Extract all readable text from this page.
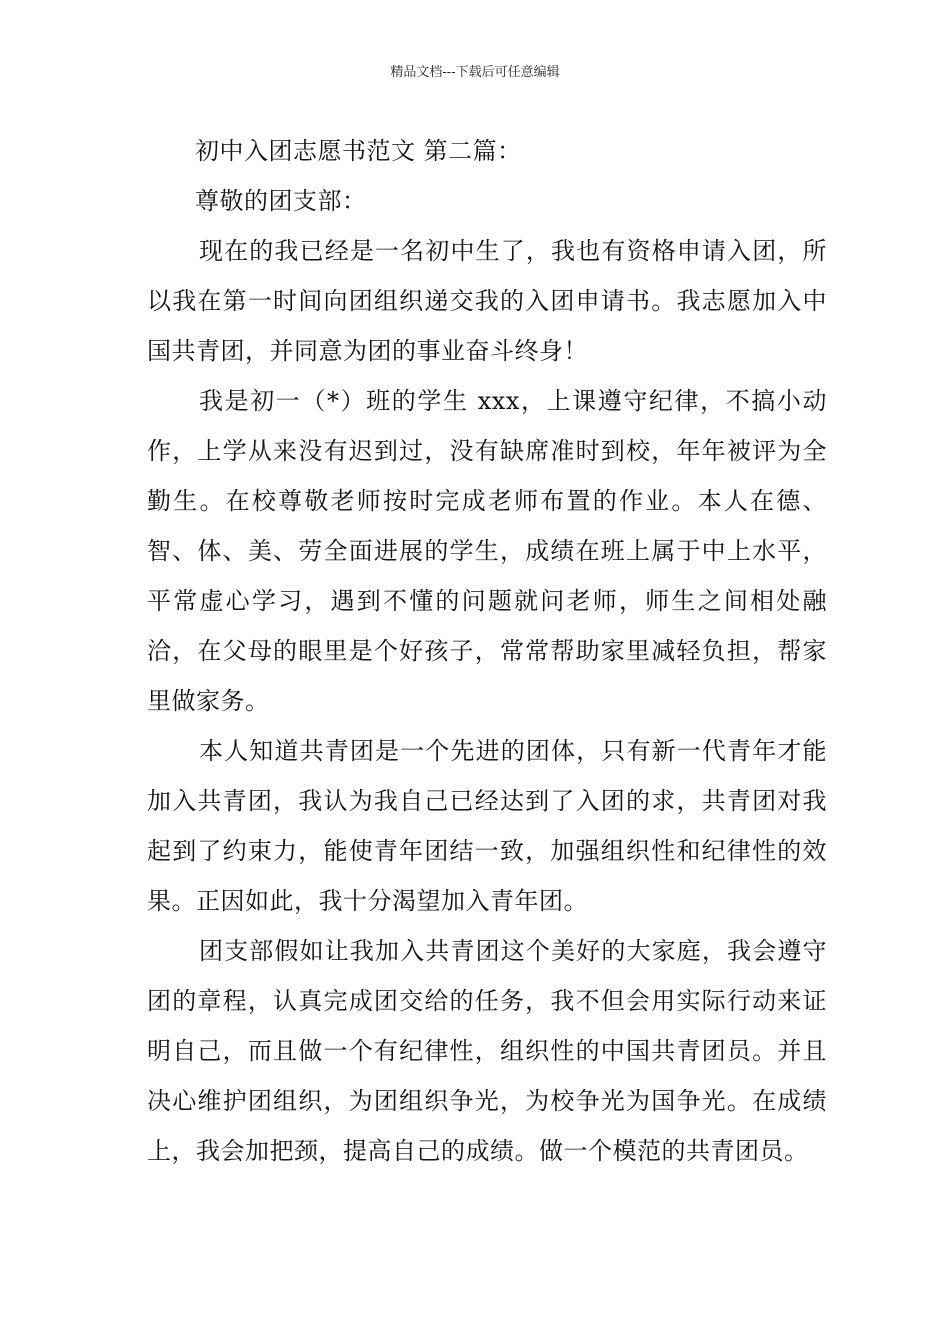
精品文档---下载后可任意编辑
初中入团志愿书范文 第二篇：
尊敬的团支部：

现在的我已经是一名初中生了，我也有资格申请入团，所以我在第一时间向团组织递交我的入团申请书。我志愿加入中国共青团，并同意为团的事业奋斗终身！

我是初一（*）班的学生 xxx，上课遵守纪律，不搞小动作，上学从来没有迟到过，没有缺席准时到校，年年被评为全勤生。在校尊敬老师按时完成老师布置的作业。本人在德、智、体、美、劳全面进展的学生，成绩在班上属于中上水平，平常虚心学习，遇到不懂的问题就问老师，师生之间相处融洽，在父母的眼里是个好孩子，常常帮助家里减轻负担，帮家里做家务。

本人知道共青团是一个先进的团体，只有新一代青年才能加入共青团，我认为我自己已经达到了入团的求，共青团对我起到了约束力，能使青年团结一致，加强组织性和纪律性的效果。正因如此，我十分渴望加入青年团。

团支部假如让我加入共青团这个美好的大家庭，我会遵守团的章程，认真完成团交给的任务，我不但会用实际行动来证明自己，而且做一个有纪律性，组织性的中国共青团员。并且决心维护团组织，为团组织争光，为校争光为国争光。在成绩上，我会加把颈，提高自己的成绩。做一个模范的共青团员。
